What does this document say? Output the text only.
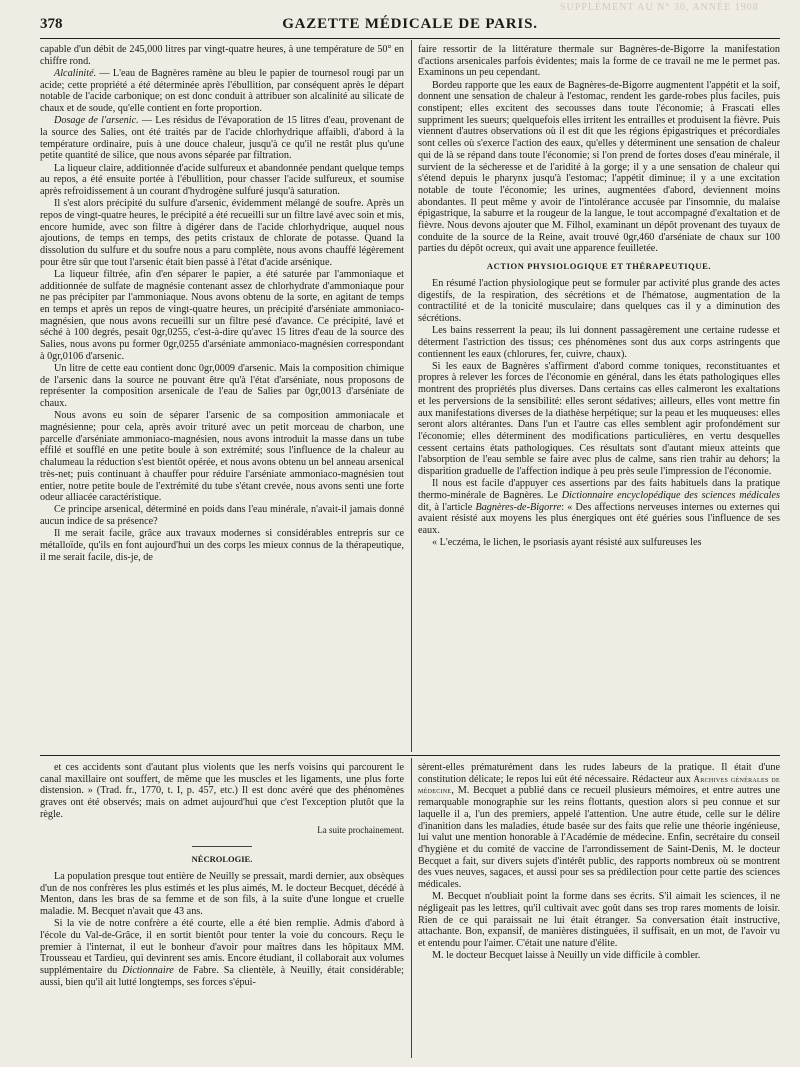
SUPPLÉMENT AU N° 30, ANNÉE 1908
378	GAZETTE MÉDICALE DE PARIS.

capable d'un débit de 245,000 litres par vingt-quatre heures, à une température de 50° en chiffre rond.

Alcalinité. — L'eau de Bagnères ramène au bleu le papier de tournesol rougi par un acide; cette propriété a été déterminée après l'ébullition, par conséquent après le départ notable de l'acide carbonique; on est donc conduit à attribuer son alcalinité au silicate de chaux et de soude, qu'elle contient en forte proportion.

Dosage de l'arsenic. — Les résidus de l'évaporation de 15 litres d'eau, provenant de la source des Salies, ont été traités par de l'acide chlorhydrique affaibli, d'abord à la température ordinaire, puis à une douce chaleur, jusqu'à ce qu'il ne restât plus qu'une petite quantité de silice, que nous avons séparée par filtration.

La liqueur claire, additionnée d'acide sulfureux et abandonnée pendant quelque temps au repos, a été ensuite portée à l'ébullition, pour chasser l'acide sulfureux, et soumise après refroidissement à un courant d'hydrogène sulfuré jusqu'à saturation.

Il s'est alors précipité du sulfure d'arsenic, évidemment mélangé de soufre. Après un repos de vingt-quatre heures, le précipité a été recueilli sur un filtre lavé avec soin et mis, encore humide, avec son filtre à digérer dans de l'acide chlorhydrique, auquel nous ajoutions, de temps en temps, des petits cristaux de chlorate de potasse. Quand la dissolution du sulfure et du soufre nous a paru complète, nous avons chauffé légèrement pour être sûr que tout l'arsenic était bien passé à l'état d'acide arsénique.

La liqueur filtrée, afin d'en séparer le papier, a été saturée par l'ammoniaque et additionnée de sulfate de magnésie contenant assez de chlorhydrate d'ammoniaque pour ne pas précipiter par l'ammoniaque. Nous avons obtenu de la sorte, en agitant de temps en temps et après un repos de vingt-quatre heures, un précipité d'arséniate ammoniaco-magnésien, que nous avons recueilli sur un filtre pesé d'avance. Ce précipité, lavé et séché à 100 degrés, pesait 0gr,0255, c'est-à-dire qu'avec 15 litres d'eau de la source des Salies, nous avons pu former 0gr,0255 d'arséniate ammoniaco-magnésien correspondant à 0gr,0106 d'arsenic.

Un litre de cette eau contient donc 0gr,0009 d'arsenic. Mais la composition chimique de l'arsenic dans la source ne pouvant être qu'à l'état d'arséniate, nous proposons de représenter la composition arsenicale de l'eau de Salies par 0gr,0013 d'arséniate de chaux.

Nous avons eu soin de séparer l'arsenic de sa composition ammoniacale et magnésienne; pour cela, après avoir trituré avec un petit morceau de charbon, une parcelle d'arséniate ammoniaco-magnésien, nous avons introduit la masse dans un tube effilé et soufflé en une petite boule à son extrémité; sous l'influence de la chaleur au chalumeau la réduction s'est bientôt opérée, et nous avons obtenu un bel anneau arsenical très-net; puis continuant à chauffer pour réduire l'arséniate ammoniaco-magnésien tout entier, notre petite boule de l'extrémité du tube s'étant crevée, nous avons senti une forte odeur alliacée caractéristique.

Ce principe arsenical, déterminé en poids dans l'eau minérale, n'avait-il jamais donné aucun indice de sa présence?

Il me serait facile, grâce aux travaux modernes si considérables entrepris sur ce métalloïde, qu'ils en font aujourd'hui un des corps les mieux connus de la thérapeutique, il me serait facile, dis-je, de

faire ressortir de la littérature thermale sur Bagnères-de-Bigorre la manifestation d'actions arsenicales parfois évidentes; mais la forme de ce travail ne me le permet pas. Examinons un peu cependant.

Bordeu rapporte que les eaux de Bagnères-de-Bigorre augmentent l'appétit et la soif, donnent une sensation de chaleur à l'estomac, rendent les garde-robes plus faciles, puis constipent; elles excitent des secousses dans toute l'économie; à Frascati elles suppriment les sueurs; quelquefois elles irritent les entrailles et produisent la fièvre. Puis viennent d'autres observations où il est dit que les régions épigastriques et précordiales sont celles où s'exerce l'action des eaux, qu'elles y déterminent une sensation de chaleur qui de là se répand dans toute l'économie; si l'on prend de fortes doses d'eau minérale, il survient de la sécheresse et de l'aridité à la gorge; il y a une sensation de chaleur qui s'étend depuis le pharynx jusqu'à l'estomac; l'appétit diminue; il y a une excitation notable de toute l'économie; les urines, augmentées d'abord, deviennent moins abondantes. Il peut même y avoir de l'intolérance accusée par l'insomnie, du malaise épigastrique, la saburre et la rougeur de la langue, le tout accompagné d'exaltation et de fièvre. Nous devons ajouter que M. Filhol, examinant un dépôt provenant des tuyaux de conduite de la source de la Reine, avait trouvé 0gr,460 d'arséniate de chaux sur 100 parties du dépôt ocreux, qui avait une apparence feuilletée.

ACTION PHYSIOLOGIQUE ET THÉRAPEUTIQUE.

En résumé l'action physiologique peut se formuler par activité plus grande des actes digestifs, de la respiration, des sécrétions et de l'hématose, augmentation de la contractilité et de la tonicité musculaire; dans quelques cas il y a diminution des sécrétions.

Les bains resserrent la peau; ils lui donnent passagèrement une certaine rudesse et déterment l'astriction des tissus; ces phénomènes sont dus aux corps astringents que contiennent les eaux (chlorures, fer, cuivre, chaux).

Si les eaux de Bagnères s'affirment d'abord comme toniques, reconstituantes et propres à relever les forces de l'économie en général, dans les états pathologiques elles montrent des propriétés plus diverses. Dans certains cas elles calmeront les exaltations et les perversions de la sensibilité: elles seront sédatives; ailleurs, elles vont mettre fin aux manifestations diverses de la diathèse herpétique; sur la peau et les muqueuses: elles seront alors altérantes. Dans l'un et l'autre cas elles semblent agir profondément sur l'économie; elles déterminent des modifications particulières, en vertu desquelles cessent certains états pathologiques. Ces résultats sont d'autant mieux atteints que l'absorption de l'eau semble se faire avec plus de calme, sans rien trahir au dehors; la disparition graduelle de l'affection indique à peu près seule l'impression de l'économie.

Il nous est facile d'appuyer ces assertions par des faits habituels dans la pratique thermo-minérale de Bagnères. Le Dictionnaire encyclopédique des sciences médicales dit, à l'article Bagnères-de-Bigorre: « Des affections nerveuses internes ou externes qui avaient résisté aux moyens les plus énergiques ont été guéries sous l'influence de ses eaux.

« L'eczéma, le lichen, le psoriasis ayant résisté aux sulfureuses les

et ces accidents sont d'autant plus violents que les nerfs voisins qui parcourent le canal maxillaire ont souffert, de même que les muscles et les ligaments, une plus forte distension. » (Trad. fr., 1770, t. I, p. 457, etc.) Il est donc avéré que des phénomènes graves ont été observés; mais on admet aujourd'hui que c'est l'exception plutôt que la règle.

La suite prochainement.
NÉCROLOGIE.

La population presque tout entière de Neuilly se pressait, mardi dernier, aux obsèques d'un de nos confrères les plus estimés et les plus aimés, M. le docteur Becquet, décédé à Menton, dans les bras de sa femme et de son fils, à la suite d'une longue et cruelle maladie. M. Becquet n'avait que 43 ans.

Si la vie de notre confrère a été courte, elle a été bien remplie. Admis d'abord à l'école du Val-de-Grâce, il en sortit bientôt pour tenter la voie du concours. Reçu le premier à l'internat, il eut le bonheur d'avoir pour maîtres dans les hôpitaux MM. Trousseau et Tardieu, qui devinrent ses amis. Encore étudiant, il collaborait aux volumes supplémentaire du Dictionnaire de Fabre. Sa clientèle, à Neuilly, était considérable; aussi, bien qu'il ait lutté longtemps, ses forces s'épui-

sèrent-elles prématurément dans les rudes labeurs de la pratique. Il était d'une constitution délicate; le repos lui eût été nécessaire. Rédacteur aux Archives générales de médecine, M. Becquet a publié dans ce recueil plusieurs mémoires, et entre autres une remarquable monographie sur les reins flottants, question alors si peu connue et sur laquelle il a, l'un des premiers, appelé l'attention. Une autre étude, celle sur le délire d'inanition dans les maladies, étude basée sur des faits que relie une théorie ingénieuse, lui valut une mention honorable à l'Académie de médecine. Enfin, secrétaire du conseil d'hygiène et du comité de vaccine de l'arrondissement de Saint-Denis, M. le docteur Becquet a fait, sur divers sujets d'intérêt public, des rapports nombreux où se montrent des vues neuves, sagaces, et aussi pour ses sa prédilection pour cette partie des sciences médicales.

M. Becquet n'oubliait point la forme dans ses écrits. S'il aimait les sciences, il ne négligeait pas les lettres, qu'il cultivait avec goût dans ses trop rares moments de loisir. Rien de ce qui paraissait ne lui était étranger. Sa conversation était instructive, attachante. Bon, expansif, de manières distinguées, il suffisait, en un mot, de l'avoir vu et entendu pour l'aimer. C'était une nature d'élite.

M. le docteur Becquet laisse à Neuilly un vide difficile à combler.
